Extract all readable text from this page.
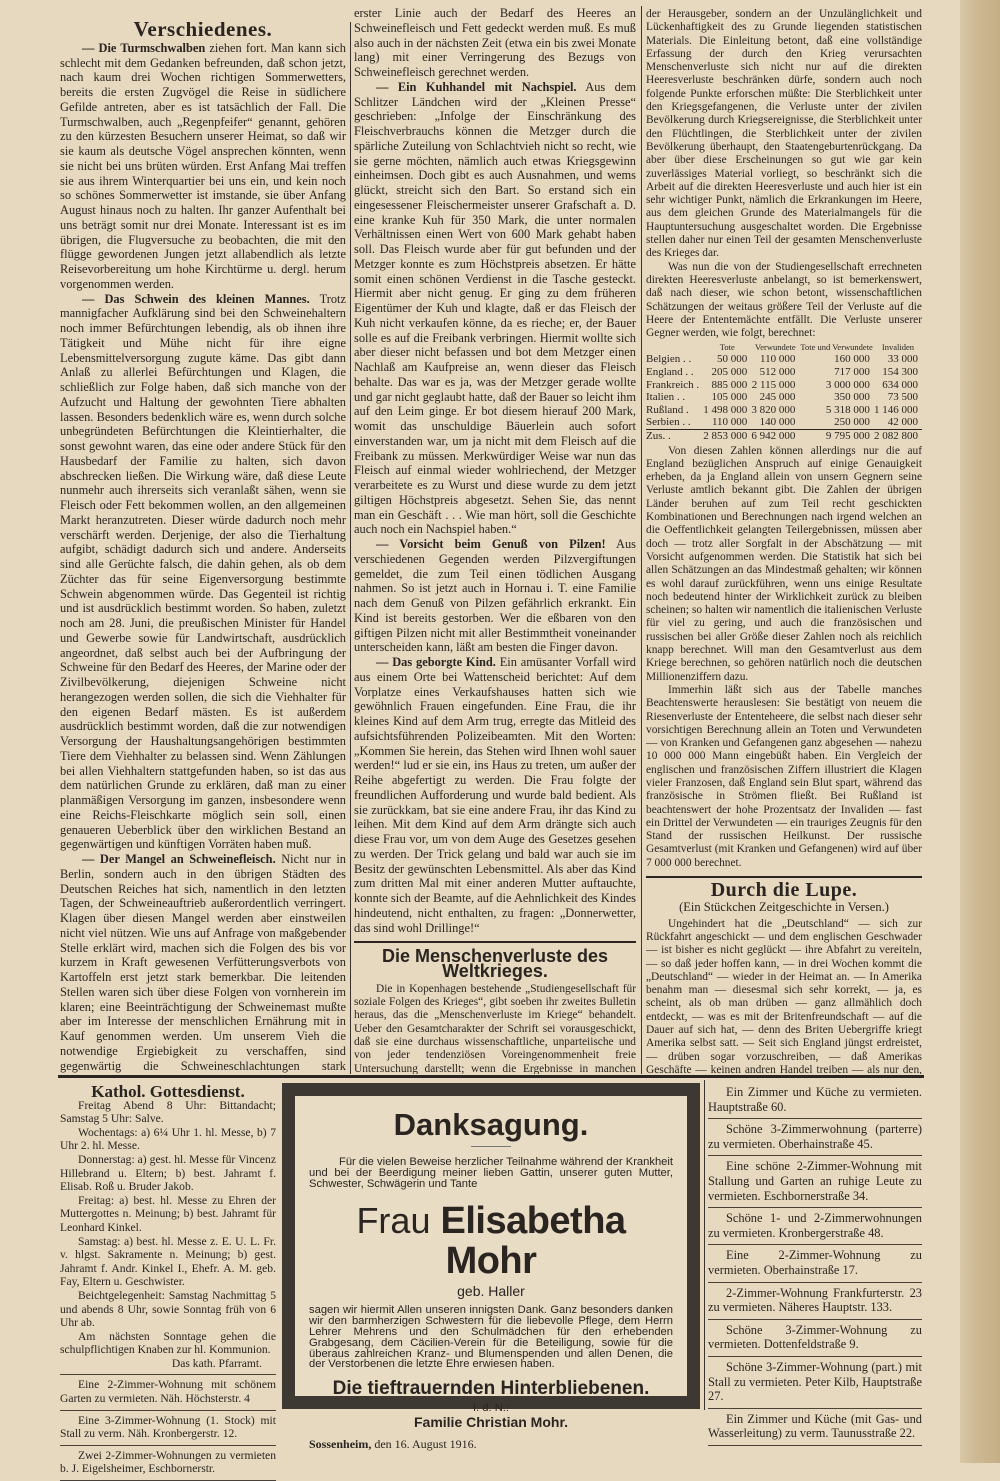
Verschiedenes.

— Die Turmschwalben ziehen fort. Man kann sich schlecht mit dem Gedanken befreunden, daß schon jetzt, nach kaum drei Wochen richtigen Sommerwetters, bereits die ersten Zugvögel die Reise in südlichere Gefilde antreten, aber es ist tatsächlich der Fall. Die Turmschwalben, auch „Regenpfeifer“ genannt, gehören zu den kürzesten Besuchern unserer Heimat, so daß wir sie kaum als deutsche Vögel ansprechen könnten, wenn sie nicht bei uns brüten würden. Erst Anfang Mai treffen sie aus ihrem Winterquartier bei uns ein, und kein noch so schönes Sommerwetter ist imstande, sie über Anfang August hinaus noch zu halten. Ihr ganzer Aufenthalt bei uns beträgt somit nur drei Monate. Interessant ist es im übrigen, die Flugversuche zu beobachten, die mit den flügge gewordenen Jungen jetzt allabendlich als letzte Reisevorbereitung um hohe Kirchtürme u. dergl. herum vorgenommen werden.

— Das Schwein des kleinen Mannes. Trotz mannigfacher Aufklärung sind bei den Schweinehaltern noch immer Befürchtungen lebendig, als ob ihnen ihre Tätigkeit und Mühe nicht für ihre eigne Lebensmittelversorgung zugute käme. Das gibt dann Anlaß zu allerlei Befürchtungen und Klagen, die schließlich zur Folge haben, daß sich manche von der Aufzucht und Haltung der gewohnten Tiere abhalten lassen. Besonders bedenklich wäre es, wenn durch solche unbegründeten Befürchtungen die Kleintierhalter, die sonst gewohnt waren, das eine oder andere Stück für den Hausbedarf der Familie zu halten, sich davon abschrecken ließen. Die Wirkung wäre, daß diese Leute nunmehr auch ihrerseits sich veranlaßt sähen, wenn sie Fleisch oder Fett bekommen wollen, an den allgemeinen Markt heranzutreten. Dieser würde dadurch noch mehr verschärft werden. Derjenige, der also die Tierhaltung aufgibt, schädigt dadurch sich und andere. Anderseits sind alle Gerüchte falsch, die dahin gehen, als ob dem Züchter das für seine Eigenversorgung bestimmte Schwein abgenommen würde. Das Gegenteil ist richtig und ist ausdrücklich bestimmt worden. So haben, zuletzt noch am 28. Juni, die preußischen Minister für Handel und Gewerbe sowie für Landwirtschaft, ausdrücklich angeordnet, daß selbst auch bei der Aufbringung der Schweine für den Bedarf des Heeres, der Marine oder der Zivilbevölkerung, diejenigen Schweine nicht herangezogen werden sollen, die sich die Viehhalter für den eigenen Bedarf mästen. Es ist außerdem ausdrücklich bestimmt worden, daß die zur notwendigen Versorgung der Haushaltungsangehörigen bestimmten Tiere dem Viehhalter zu belassen sind. Wenn Zählungen bei allen Viehhaltern stattgefunden haben, so ist das aus dem natürlichen Grunde zu erklären, daß man zu einer planmäßigen Versorgung im ganzen, insbesondere wenn eine Reichs-Fleischkarte möglich sein soll, einen genaueren Ueberblick über den wirklichen Bestand an gegenwärtigen und künftigen Vorräten haben muß.

— Der Mangel an Schweinefleisch. Nicht nur in Berlin, sondern auch in den übrigen Städten des Deutschen Reiches hat sich, namentlich in den letzten Tagen, der Schweineauftrieb außerordentlich verringert. Klagen über diesen Mangel werden aber einstweilen nicht viel nützen. Wie uns auf Anfrage von maßgebender Stelle erklärt wird, machen sich die Folgen des bis vor kurzem in Kraft gewesenen Verfütterungsverbots von Kartoffeln erst jetzt stark bemerkbar. Die leitenden Stellen waren sich über diese Folgen von vornherein im klaren; eine Beeinträchtigung der Schweinemast mußte aber im Interesse der menschlichen Ernährung mit in Kauf genommen werden. Um unserem Vieh die notwendige Ergiebigkeit zu verschaffen, sind gegenwärtig die Schweineschlachtungen stark

erster Linie auch der Bedarf des Heeres an Schweinefleisch und Fett gedeckt werden muß. Es muß also auch in der nächsten Zeit (etwa ein bis zwei Monate lang) mit einer Verringerung des Bezugs von Schweinefleisch gerechnet werden.

— Ein Kuhhandel mit Nachspiel. Aus dem Schlitzer Ländchen wird der „Kleinen Presse“ geschrieben: „Infolge der Einschränkung des Fleischverbrauchs können die Metzger durch die spärliche Zuteilung von Schlachtvieh nicht so recht, wie sie gerne möchten, nämlich auch etwas Kriegsgewinn einheimsen. Doch gibt es auch Ausnahmen, und wems glückt, streicht sich den Bart. So erstand sich ein eingesessener Fleischermeister unserer Grafschaft a. D. eine kranke Kuh für 350 Mark, die unter normalen Verhältnissen einen Wert von 600 Mark gehabt haben soll. Das Fleisch wurde aber für gut befunden und der Metzger konnte es zum Höchstpreis absetzen. Er hätte somit einen schönen Verdienst in die Tasche gesteckt. Hiermit aber nicht genug. Er ging zu dem früheren Eigentümer der Kuh und klagte, daß er das Fleisch der Kuh nicht verkaufen könne, da es rieche; er, der Bauer solle es auf die Freibank verbringen. Hiermit wollte sich aber dieser nicht befassen und bot dem Metzger einen Nachlaß am Kaufpreise an, wenn dieser das Fleisch behalte. Das war es ja, was der Metzger gerade wollte und gar nicht geglaubt hatte, daß der Bauer so leicht ihm auf den Leim ginge. Er bot diesem hierauf 200 Mark, womit das unschuldige Bäuerlein auch sofort einverstanden war, um ja nicht mit dem Fleisch auf die Freibank zu müssen. Merkwürdiger Weise war nun das Fleisch auf einmal wieder wohlriechend, der Metzger verarbeitete es zu Wurst und diese wurde zu dem jetzt giltigen Höchstpreis abgesetzt. Sehen Sie, das nennt man ein Geschäft . . . Wie man hört, soll die Geschichte auch noch ein Nachspiel haben.“

— Vorsicht beim Genuß von Pilzen! Aus verschiedenen Gegenden werden Pilzvergiftungen gemeldet, die zum Teil einen tödlichen Ausgang nahmen. So ist jetzt auch in Hornau i. T. eine Familie nach dem Genuß von Pilzen gefährlich erkrankt. Ein Kind ist bereits gestorben. Wer die eßbaren von den giftigen Pilzen nicht mit aller Bestimmtheit voneinander unterscheiden kann, läßt am besten die Finger davon.

— Das geborgte Kind. Ein amüsanter Vorfall wird aus einem Orte bei Wattenscheid berichtet: Auf dem Vorplatze eines Verkaufshauses hatten sich wie gewöhnlich Frauen eingefunden. Eine Frau, die ihr kleines Kind auf dem Arm trug, erregte das Mitleid des aufsichtsführenden Polizeibeamten. Mit den Worten: „Kommen Sie herein, das Stehen wird Ihnen wohl sauer werden!“ lud er sie ein, ins Haus zu treten, um außer der Reihe abgefertigt zu werden. Die Frau folgte der freundlichen Aufforderung und wurde bald bedient. Als sie zurückkam, bat sie eine andere Frau, ihr das Kind zu leihen. Mit dem Kind auf dem Arm drängte sich auch diese Frau vor, um von dem Auge des Gesetzes gesehen zu werden. Der Trick gelang und bald war auch sie im Besitz der gewünschten Lebensmittel. Als aber das Kind zum dritten Mal mit einer anderen Mutter auftauchte, konnte sich der Beamte, auf die Aehnlichkeit des Kindes hindeutend, nicht enthalten, zu fragen: „Donnerwetter, das sind wohl Drillinge!“

Die Menschenverluste des Weltkrieges.

Die in Kopenhagen bestehende „Studiengesellschaft für soziale Folgen des Krieges“, gibt soeben ihr zweites Bulletin heraus, das die „Menschenverluste im Kriege“ behandelt. Ueber den Gesamtcharakter der Schrift sei vorausgeschickt, daß sie eine durchaus wissenschaftliche, unparteiische und von jeder tendenziösen Voreingenommenheit freie Untersuchung darstellt; wenn die Ergebnisse in manchen

der Herausgeber, sondern an der Unzulänglichkeit und Lückenhaftigkeit des zu Grunde liegenden statistischen Materials. Die Einleitung betont, daß eine vollständige Erfassung der durch den Krieg verursachten Menschenverluste sich nicht nur auf die direkten Heeresverluste beschränken dürfe, sondern auch noch folgende Punkte erforschen müßte: Die Sterblichkeit unter den Kriegsgefangenen, die Verluste unter der zivilen Bevölkerung durch Kriegsereignisse, die Sterblichkeit unter den Flüchtlingen, die Sterblichkeit unter der zivilen Bevölkerung überhaupt, den Staatengeburtenrückgang. Da aber über diese Erscheinungen so gut wie gar kein zuverlässiges Material vorliegt, so beschränkt sich die Arbeit auf die direkten Heeresverluste und auch hier ist ein sehr wichtiger Punkt, nämlich die Erkrankungen im Heere, aus dem gleichen Grunde des Materialmangels für die Hauptuntersuchung ausgeschaltet worden. Die Ergebnisse stellen daher nur einen Teil der gesamten Menschenverluste des Krieges dar.

Was nun die von der Studiengesellschaft errechneten direkten Heeresverluste anbelangt, so ist bemerkenswert, daß nach dieser, wie schon betont, wissenschaftlichen Schätzungen der weitaus größere Teil der Verluste auf die Heere der Ententemächte entfällt. Die Verluste unserer Gegner werden, wie folgt, berechnet:

	Tote	Verwundete	Tote und Verwundete	Invaliden
Belgien . .	50 000	110 000	160 000	33 000
England . .	205 000	512 000	717 000	154 300
Frankreich .	885 000	2 115 000	3 000 000	634 000
Italien . .	105 000	245 000	350 000	73 500
Rußland .	1 498 000	3 820 000	5 318 000	1 146 000
Serbien . .	110 000	140 000	250 000	42 000
Zus. .	2 853 000	6 942 000	9 795 000	2 082 800

Von diesen Zahlen können allerdings nur die auf England bezüglichen Anspruch auf einige Genauigkeit erheben, da ja England allein von unsern Gegnern seine Verluste amtlich bekannt gibt. Die Zahlen der übrigen Länder beruhen auf zum Teil recht geschickten Kombinationen und Berechnungen nach irgend welchen an die Oeffentlichkeit gelangten Teilergebnissen, müssen aber doch — trotz aller Sorgfalt in der Abschätzung — mit Vorsicht aufgenommen werden. Die Statistik hat sich bei allen Schätzungen an das Mindestmaß gehalten; wir können es wohl darauf zurückführen, wenn uns einige Resultate noch bedeutend hinter der Wirklichkeit zurück zu bleiben scheinen; so halten wir namentlich die italienischen Verluste für viel zu gering, und auch die französischen und russischen bei aller Größe dieser Zahlen noch als reichlich knapp berechnet. Will man den Gesamtverlust aus dem Kriege berechnen, so gehören natürlich noch die deutschen Millionenziffern dazu.

Immerhin läßt sich aus der Tabelle manches Beachtenswerte herauslesen: Sie bestätigt von neuem die Riesenverluste der Ententeheere, die selbst nach dieser sehr vorsichtigen Berechnung allein an Toten und Verwundeten — von Kranken und Gefangenen ganz abgesehen — nahezu 10 000 000 Mann eingebüßt haben. Ein Vergleich der englischen und französischen Ziffern illustriert die Klagen vieler Franzosen, daß England sein Blut spart, während das französische in Strömen fließt. Bei Rußland ist beachtenswert der hohe Prozentsatz der Invaliden — fast ein Drittel der Verwundeten — ein trauriges Zeugnis für den Stand der russischen Heilkunst. Der russische Gesamtverlust (mit Kranken und Gefangenen) wird auf über 7 000 000 berechnet.

Durch die Lupe.
(Ein Stückchen Zeitgeschichte in Versen.)

Ungehindert hat die „Deutschland“ — sich zur Rückfahrt angeschickt — und dem englischen Geschwader — ist bisher es nicht geglückt — ihre Abfahrt zu vereiteln, — so daß jeder hoffen kann, — in drei Wochen kommt die „Deutschland“ — wieder in der Heimat an. — In Amerika benahm man — diesesmal sich sehr korrekt, — ja, es scheint, als ob man drüben — ganz allmählich doch entdeckt, — was es mit der Britenfreundschaft — auf die Dauer auf sich hat, — denn des Briten Uebergriffe kriegt Amerika selbst satt. — Seit sich England jüngst erdreistet, — drüben sogar vorzuschreiben, — daß Amerikas Geschäfte — keinen andren Handel treiben — als nur den,

Kathol. Gottesdienst.

Freitag Abend 8 Uhr: Bittandacht; Samstag 5 Uhr: Salve.

Wochentags: a) 6¼ Uhr 1. hl. Messe, b) 7 Uhr 2. hl. Messe.

Donnerstag: a) gest. hl. Messe für Vincenz Hillebrand u. Eltern; b) best. Jahramt f. Elisab. Roß u. Bruder Jakob.

Freitag: a) best. hl. Messe zu Ehren der Muttergottes n. Meinung; b) best. Jahramt für Leonhard Kinkel.

Samstag: a) best. hl. Messe z. E. U. L. Fr. v. hlgst. Sakramente n. Meinung; b) gest. Jahramt f. Andr. Kinkel I., Ehefr. A. M. geb. Fay, Eltern u. Geschwister.

Beichtgelegenheit: Samstag Nachmittag 5 und abends 8 Uhr, sowie Sonntag früh von 6 Uhr ab.

Am nächsten Sonntage gehen die schulpflichtigen Knaben zur hl. Kommunion.

Das kath. Pfarramt.

Eine 2-Zimmer-Wohnung mit schönem Garten zu vermieten. Näh. Höchsterstr. 4

Eine 3-Zimmer-Wohnung (1. Stock) mit Stall zu verm. Näh. Kronbergerstr. 12.

Zwei 2-Zimmer-Wohnungen zu vermieten b. J. Eigelsheimer, Eschbornerstr.

Danksagung.
Für die vielen Beweise herzlicher Teilnahme während der Krankheit und bei der Beerdigung meiner lieben Gattin, unserer guten Mutter, Schwester, Schwägerin und Tante
Frau Elisabetha Mohr
geb. Haller
sagen wir hiermit Allen unseren innigsten Dank. Ganz besonders danken wir den barmherzigen Schwestern für die liebevolle Pflege, dem Herrn Lehrer Mehrens und den Schulmädchen für den erhebenden Grabgesang, dem Cäcilien-Verein für die Beteiligung, sowie für die überaus zahlreichen Kranz- und Blumenspenden und allen Denen, die der Verstorbenen die letzte Ehre erwiesen haben.
Die tieftrauernden Hinterbliebenen.
I. d. N.:
Familie Christian Mohr.
Sossenheim, den 16. August 1916.

Ein Zimmer und Küche zu vermieten. Hauptstraße 60.

Schöne 3-Zimmerwohnung (parterre) zu vermieten. Oberhainstraße 45.

Eine schöne 2-Zimmer-Wohnung mit Stallung und Garten an ruhige Leute zu vermieten. Eschbornerstraße 34.

Schöne 1- und 2-Zimmerwohnungen zu vermieten. Kronbergerstraße 48.

Eine 2-Zimmer-Wohnung zu vermieten. Oberhainstraße 17.

2-Zimmer-Wohnung Frankfurterstr. 23 zu vermieten. Näheres Hauptstr. 133.

Schöne 3-Zimmer-Wohnung zu vermieten. Dottenfeldstraße 9.

Schöne 3-Zimmer-Wohnung (part.) mit Stall zu vermieten. Peter Kilb, Hauptstraße 27.

Ein Zimmer und Küche (mit Gas- und Wasserleitung) zu verm. Taunusstraße 22.
